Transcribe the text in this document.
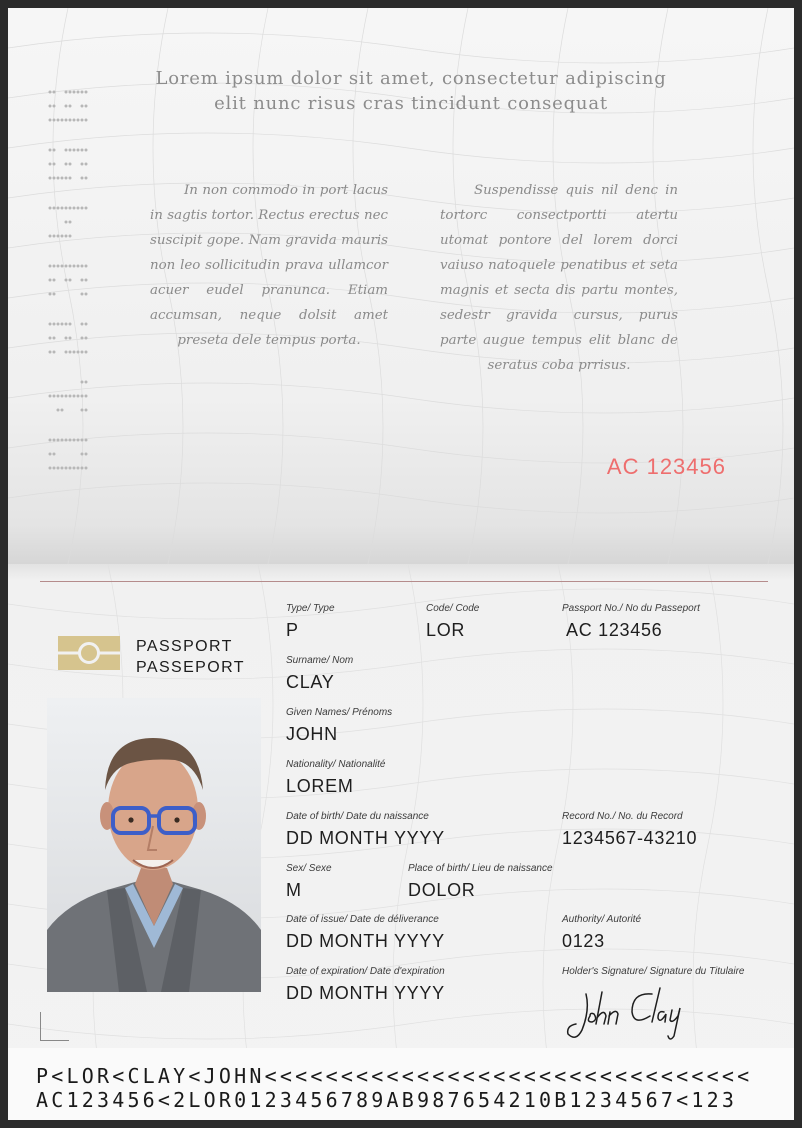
Lorem ipsum dolor sit amet, consectetur adipiscing
elit nunc risus cras tincidunt consequat
In non commodo in port lacus in sagtis tortor. Rectus erectus nec suscipit gope. Nam gravida mauris non leo sollicitudin prava ullamcor acuer eudel pranunca. Etiam accumsan, neque dolsit amet preseta dele tempus porta.
Suspendisse quis nil denc in tortorc consectportti atertu utomat pontore del lorem dorci vaiuso natoquele penatibus et seta magnis et secta dis partu montes, sedestr gravida cursus, purus parte augue tempus elit blanc de seratus coba prrisus.
AC 123456
PASSPORT
PASSEPORT
Type/ Type
P
Code/ Code
LOR
Passport No./ No du Passeport
AC 123456
Surname/ Nom
CLAY
Given Names/ Prénoms
JOHN
Nationality/ Nationalité
LOREM
Date of birth/ Date du naissance
DD MONTH YYYY
Record No./ No. du Record
1234567-43210
Sex/ Sexe
M
Place of birth/ Lieu de naissance
DOLOR
Date of issue/ Date de déliverance
DD MONTH YYYY
Authority/ Autorité
0123
Date of expiration/ Date d'expiration
DD MONTH YYYY
Holder's Signature/ Signature du Titulaire
P<LOR<CLAY<JOHN<<<<<<<<<<<<<<<<<<<<<<<<<<<<<<<<
AC123456<2LOR0123456789AB987654210B1234567<123
